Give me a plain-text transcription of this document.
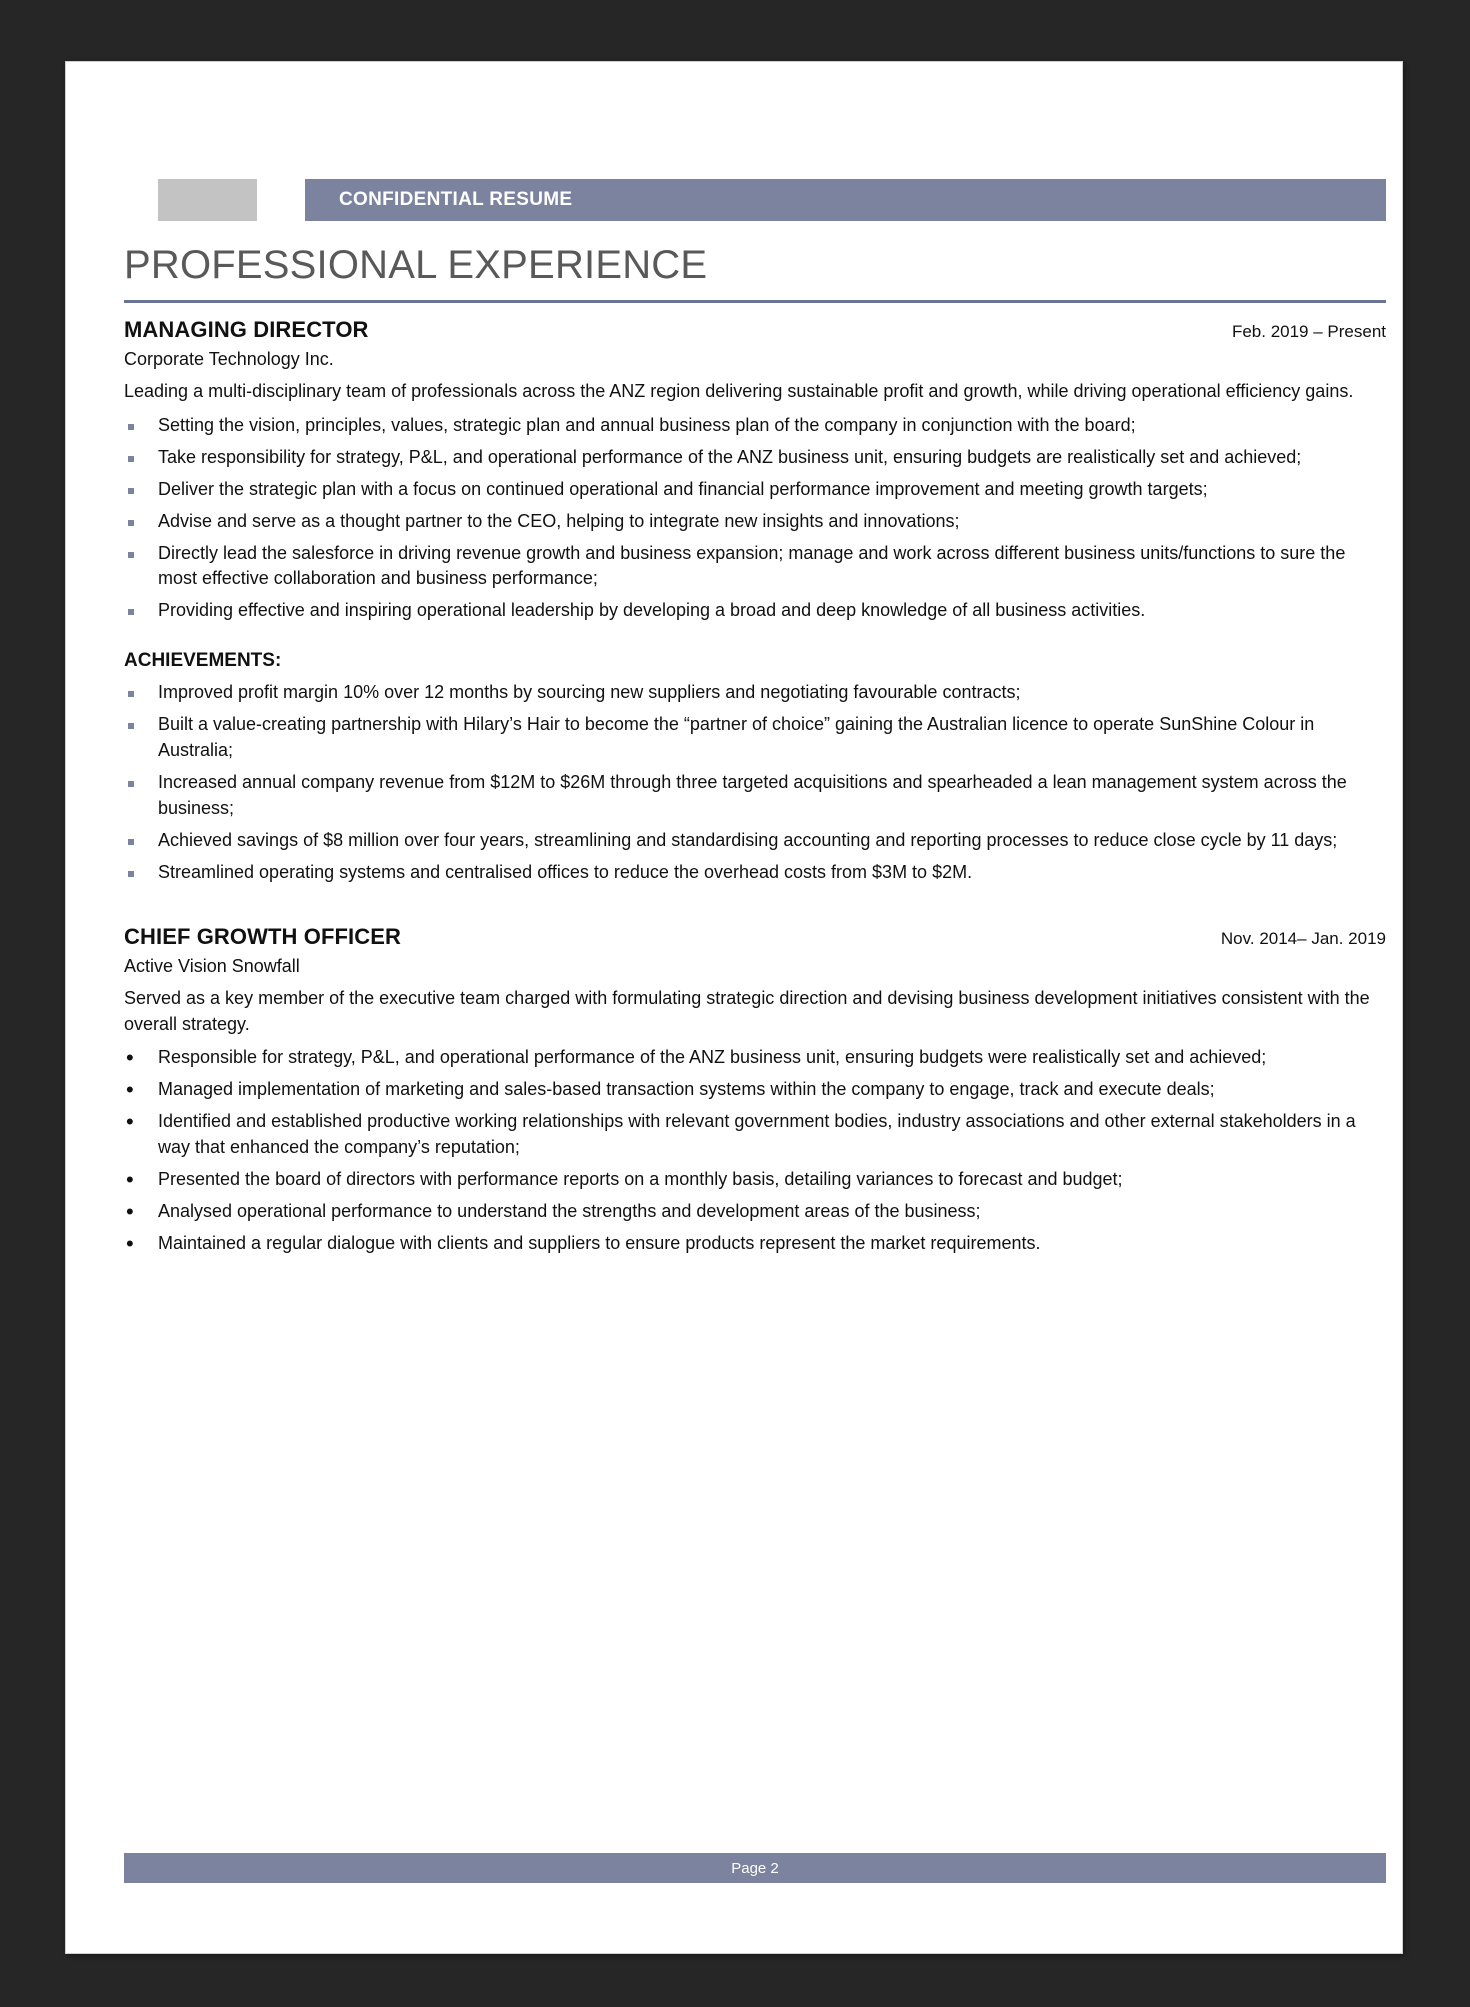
CONFIDENTIAL RESUME
PROFESSIONAL EXPERIENCE
MANAGING DIRECTOR	Feb. 2019 – Present
Corporate Technology Inc.
Leading a multi-disciplinary team of professionals across the ANZ region delivering sustainable profit and growth, while driving operational efficiency gains.
Setting the vision, principles, values, strategic plan and annual business plan of the company in conjunction with the board;
Take responsibility for strategy, P&L, and operational performance of the ANZ business unit, ensuring budgets are realistically set and achieved;
Deliver the strategic plan with a focus on continued operational and financial performance improvement and meeting growth targets;
Advise and serve as a thought partner to the CEO, helping to integrate new insights and innovations;
Directly lead the salesforce in driving revenue growth and business expansion; manage and work across different business units/functions to sure the most effective collaboration and business performance;
Providing effective and inspiring operational leadership by developing a broad and deep knowledge of all business activities.
ACHIEVEMENTS:
Improved profit margin 10% over 12 months by sourcing new suppliers and negotiating favourable contracts;
Built a value-creating partnership with Hilary’s Hair to become the “partner of choice” gaining the Australian licence to operate SunShine Colour in Australia;
Increased annual company revenue from $12M to $26M through three targeted acquisitions and spearheaded a lean management system across the business;
Achieved savings of $8 million over four years, streamlining and standardising accounting and reporting processes to reduce close cycle by 11 days;
Streamlined operating systems and centralised offices to reduce the overhead costs from $3M to $2M.
CHIEF GROWTH OFFICER	Nov. 2014– Jan. 2019
Active Vision Snowfall
Served as a key member of the executive team charged with formulating strategic direction and devising business development initiatives consistent with the overall strategy.
• Responsible for strategy, P&L, and operational performance of the ANZ business unit, ensuring budgets were realistically set and achieved;
• Managed implementation of marketing and sales-based transaction systems within the company to engage, track and execute deals;
• Identified and established productive working relationships with relevant government bodies, industry associations and other external stakeholders in a way that enhanced the company’s reputation;
• Presented the board of directors with performance reports on a monthly basis, detailing variances to forecast and budget;
• Analysed operational performance to understand the strengths and development areas of the business;
• Maintained a regular dialogue with clients and suppliers to ensure products represent the market requirements.
Page 2
